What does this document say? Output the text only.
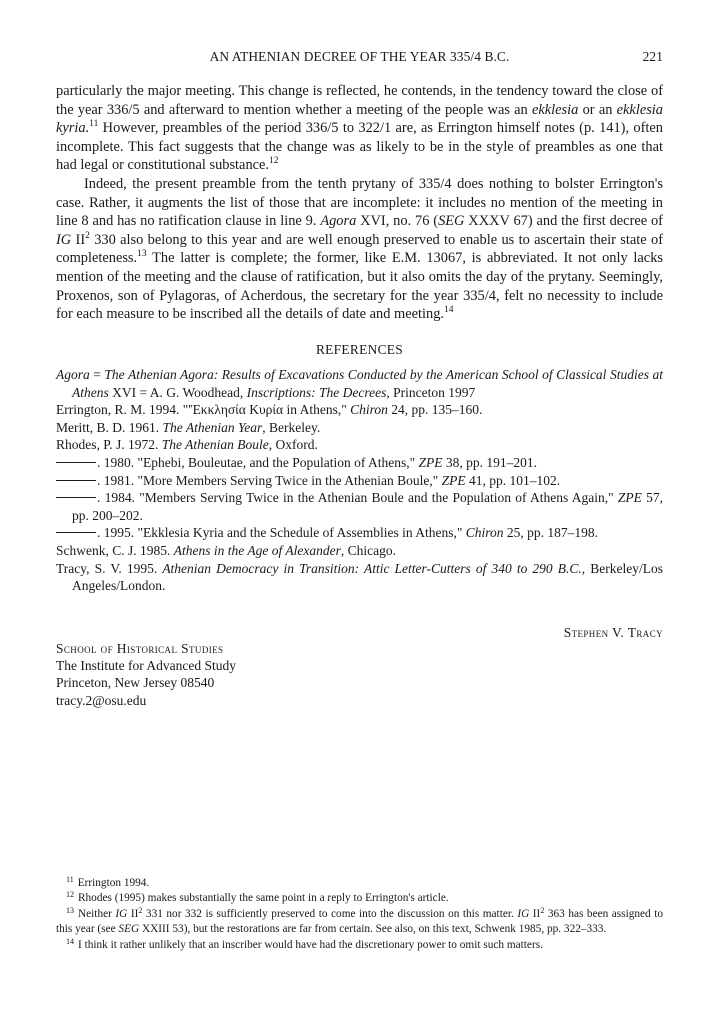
AN ATHENIAN DECREE OF THE YEAR 335/4 B.C.	221

particularly the major meeting. This change is reflected, he contends, in the tendency toward the close of the year 336/5 and afterward to mention whether a meeting of the people was an ekklesia or an ekklesia kyria.$^{11}$ However, preambles of the period 336/5 to 322/1 are, as Errington himself notes (p. 141), often incomplete. This fact suggests that the change was as likely to be in the style of preambles as one that had legal or constitutional substance.$^{12}$

Indeed, the present preamble from the tenth prytany of 335/4 does nothing to bolster Errington's case. Rather, it augments the list of those that are incomplete: it includes no mention of the meeting in line 8 and has no ratification clause in line 9. Agora XVI, no. 76 (SEG XXXV 67) and the first decree of IG $II^2$ 330 also belong to this year and are well enough preserved to enable us to ascertain their state of completeness.$^{13}$ The latter is complete; the former, like E.M. 13067, is abbreviated. It not only lacks mention of the meeting and the clause of ratification, but it also omits the day of the prytany. Seemingly, Proxenos, son of Pylagoras, of Acherdous, the secretary for the year 335/4, felt no necessity to include for each measure to be inscribed all the details of date and meeting.$^{14}$

REFERENCES

Agora = The Athenian Agora: Results of Excavations Conducted by the American School of Classical Studies at Athens XVI = A. G. Woodhead, Inscriptions: The Decrees, Princeton 1997

Errington, R. M. 1994. "'Ἐκκλησία Κυρία in Athens," Chiron 24, pp. 135–160.

Meritt, B. D. 1961. The Athenian Year, Berkeley.

Rhodes, P. J. 1972. The Athenian Boule, Oxford.

. 1980. "Ephebi, Bouleutae, and the Population of Athens," ZPE 38, pp. 191–201.

. 1981. "More Members Serving Twice in the Athenian Boule," ZPE 41, pp. 101–102.

. 1984. "Members Serving Twice in the Athenian Boule and the Population of Athens Again," ZPE 57, pp. 200–202.

. 1995. "Ekklesia Kyria and the Schedule of Assemblies in Athens," Chiron 25, pp. 187–198.

Schwenk, C. J. 1985. Athens in the Age of Alexander, Chicago.

Tracy, S. V. 1995. Athenian Democracy in Transition: Attic Letter-Cutters of 340 to 290 B.C., Berkeley/Los Angeles/London.

Stephen V. Tracy
School of Historical Studies
The Institute for Advanced Study
Princeton, New Jersey 08540
tracy.2@osu.edu

$^{11}$ Errington 1994.

$^{12}$ Rhodes (1995) makes substantially the same point in a reply to Errington's article.

$^{13}$ Neither IG $II^2$ 331 nor 332 is sufficiently preserved to come into the discussion on this matter. IG $II^2$ 363 has been assigned to this year (see SEG XXIII 53), but the restorations are far from certain. See also, on this text, Schwenk 1985, pp. 322–333.

$^{14}$ I think it rather unlikely that an inscriber would have had the discretionary power to omit such matters.
